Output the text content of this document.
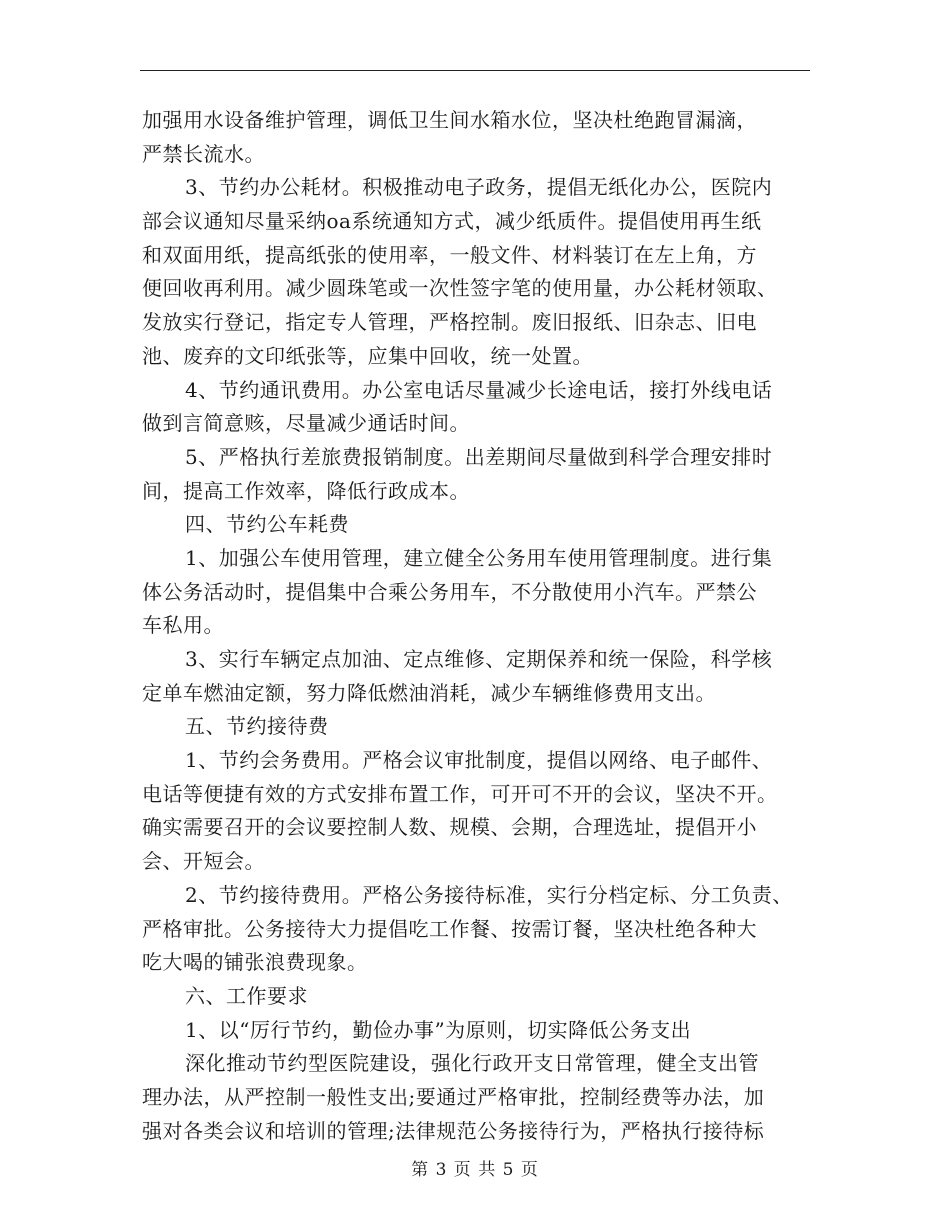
加强用水设备维护管理，调低卫生间水箱水位，坚决杜绝跑冒漏滴，
严禁长流水。
3、节约办公耗材。积极推动电子政务，提倡无纸化办公，医院内
部会议通知尽量采纳oa系统通知方式，减少纸质件。提倡使用再生纸
和双面用纸，提高纸张的使用率，一般文件、材料装订在左上角，方
便回收再利用。减少圆珠笔或一次性签字笔的使用量，办公耗材领取、
发放实行登记，指定专人管理，严格控制。废旧报纸、旧杂志、旧电
池、废弃的文印纸张等，应集中回收，统一处置。
4、节约通讯费用。办公室电话尽量减少长途电话，接打外线电话
做到言简意赅，尽量减少通话时间。
5、严格执行差旅费报销制度。出差期间尽量做到科学合理安排时
间，提高工作效率，降低行政成本。
四、节约公车耗费
1、加强公车使用管理，建立健全公务用车使用管理制度。进行集
体公务活动时，提倡集中合乘公务用车，不分散使用小汽车。严禁公
车私用。
3、实行车辆定点加油、定点维修、定期保养和统一保险，科学核
定单车燃油定额，努力降低燃油消耗，减少车辆维修费用支出。
五、节约接待费
1、节约会务费用。严格会议审批制度，提倡以网络、电子邮件、
电话等便捷有效的方式安排布置工作，可开可不开的会议，坚决不开。
确实需要召开的会议要控制人数、规模、会期，合理选址，提倡开小
会、开短会。
2、节约接待费用。严格公务接待标准，实行分档定标、分工负责、
严格审批。公务接待大力提倡吃工作餐、按需订餐，坚决杜绝各种大
吃大喝的铺张浪费现象。
六、工作要求
1、以“厉行节约，勤俭办事”为原则，切实降低公务支出
深化推动节约型医院建设，强化行政开支日常管理，健全支出管
理办法，从严控制一般性支出;要通过严格审批，控制经费等办法，加
强对各类会议和培训的管理;法律规范公务接待行为，严格执行接待标
第 3 页 共 5 页
